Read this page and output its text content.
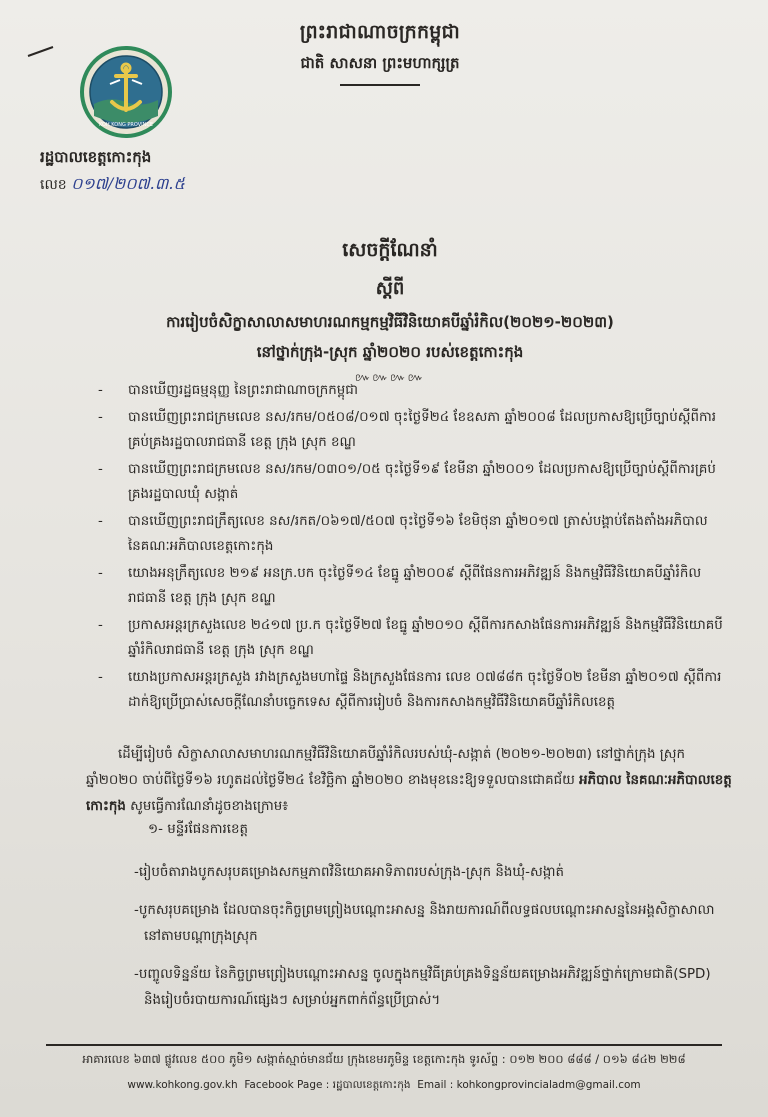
ព្រះរាជាណាចក្រកម្ពុជា
ជាតិ សាសនា ព្រះមហាក្សត្រ
KOH KONG PROVINCE
រដ្ឋបាលខេត្តកោះកុង
លេខ ០១៧/២០៧.៣.៥
សេចក្តីណែនាំ
ស្តីពី
ការរៀបចំសិក្ខាសាលាសមាហរណកម្មកម្មវិធីវិនិយោគបីឆ្នាំរំកិល(២០២១-២០២៣)
នៅថ្នាក់ក្រុង-ស្រុក ឆ្នាំ២០២០ របស់ខេត្តកោះកុង
៚៚៚៚
- បានឃើញរដ្ឋធម្មនុញ្ញ នៃព្រះរាជាណាចក្រកម្ពុជា
- បានឃើញព្រះរាជក្រមលេខ នស/រកម/០៥០៨/០១៧ ចុះថ្ងៃទី២៤ ខែឧសភា ឆ្នាំ២០០៨ ដែលប្រកាសឱ្យប្រើច្បាប់ស្តីពីការគ្រប់គ្រងរដ្ឋបាលរាជធានី ខេត្ត ក្រុង ស្រុក ខណ្ឌ
- បានឃើញព្រះរាជក្រមលេខ នស/រកម/០៣០១/០៥ ចុះថ្ងៃទី១៩ ខែមីនា ឆ្នាំ២០០១ ដែលប្រកាសឱ្យប្រើច្បាប់ស្តីពីការគ្រប់គ្រងរដ្ឋបាលឃុំ សង្កាត់
- បានឃើញព្រះរាជក្រឹត្យលេខ នស/រកត/០៦១៧/៥០៧ ចុះថ្ងៃទី១៦ ខែមិថុនា ឆ្នាំ២០១៧ ត្រាស់បង្គាប់តែងតាំងអភិបាល នៃគណៈអភិបាលខេត្តកោះកុង
- យោងអនុក្រឹត្យលេខ ២១៩ អនក្រ.បក ចុះថ្ងៃទី១៤ ខែធ្នូ ឆ្នាំ២០០៩ ស្តីពីផែនការអភិវឌ្ឍន៍ និងកម្មវិធីវិនិយោគបីឆ្នាំរំកិលរាជធានី ខេត្ត ក្រុង ស្រុក ខណ្ឌ
- ប្រកាសអន្តរក្រសួងលេខ ២៤១៧ ប្រ.ក ចុះថ្ងៃទី២៧ ខែធ្នូ ឆ្នាំ២០១០ ស្តីពីការកសាងផែនការអភិវឌ្ឍន៍ និងកម្មវិធីវិនិយោគបីឆ្នាំរំកិលរាជធានី ខេត្ត ក្រុង ស្រុក ខណ្ឌ
- យោងប្រកាសអន្តរក្រសួង រវាងក្រសួងមហាផ្ទៃ និងក្រសួងផែនការ លេខ ០៧៨៨ក ចុះថ្ងៃទី០២ ខែមីនា ឆ្នាំ២០១៧ ស្តីពីការដាក់ឱ្យប្រើប្រាស់សេចក្តីណែនាំបច្ចេកទេស ស្តីពីការរៀបចំ និងការកសាងកម្មវិធីវិនិយោគបីឆ្នាំរំកិលខេត្ត
ដើម្បីរៀបចំ សិក្ខាសាលាសមាហរណកម្មវិធីវិនិយោគបីឆ្នាំរំកិលរបស់ឃុំ-សង្កាត់ (២០២១-២០២៣) នៅថ្នាក់ក្រុង ស្រុក ឆ្នាំ២០២០ ចាប់ពីថ្ងៃទី១៦ រហូតដល់ថ្ងៃទី២៤ ខែវិច្ឆិកា ឆ្នាំ២០២០ ខាងមុខនេះឱ្យទទួលបានជោគជ័យ អភិបាល នៃគណៈអភិបាលខេត្តកោះកុង សូមធ្វើការណែនាំដូចខាងក្រោម៖
១- មន្ទីរផែនការខេត្ត
-រៀបចំតារាងបូកសរុបគម្រោងសកម្មភាពវិនិយោគអាទិភាពរបស់ក្រុង-ស្រុក និងឃុំ-សង្កាត់
-បូកសរុបគម្រោង ដែលបានចុះកិច្ចព្រមព្រៀងបណ្តោះអាសន្ន និងរាយការណ៍ពីលទ្ធផលបណ្តោះអាសន្ននៃអង្គសិក្ខាសាលានៅតាមបណ្តាក្រុងស្រុក
-បញ្ចូលទិន្នន័យ នៃកិច្ចព្រមព្រៀងបណ្តោះអាសន្ន ចូលក្នុងកម្មវិធីគ្រប់គ្រងទិន្នន័យគម្រោងអភិវឌ្ឍន៍ថ្នាក់ក្រោមជាតិ(SPD) និងរៀបចំរបាយការណ៍ផ្សេងៗ សម្រាប់អ្នកពាក់ព័ន្ធប្រើប្រាស់។
អាគារលេខ ៦៣៧ ផ្លូវលេខ ៥០០ ភូមិ១ សង្កាត់ស្មាច់មានជ័យ ក្រុងខេមរភូមិន្ទ ខេត្តកោះកុង ទូរស័ព្ទ : ០១២ ២០០ ៨៨៨ / ០១៦ ៨៤២ ២២៨
www.kohkong.gov.kh Facebook Page : រដ្ឋបាលខេត្តកោះកុង Email : kohkongprovincialadm@gmail.com
